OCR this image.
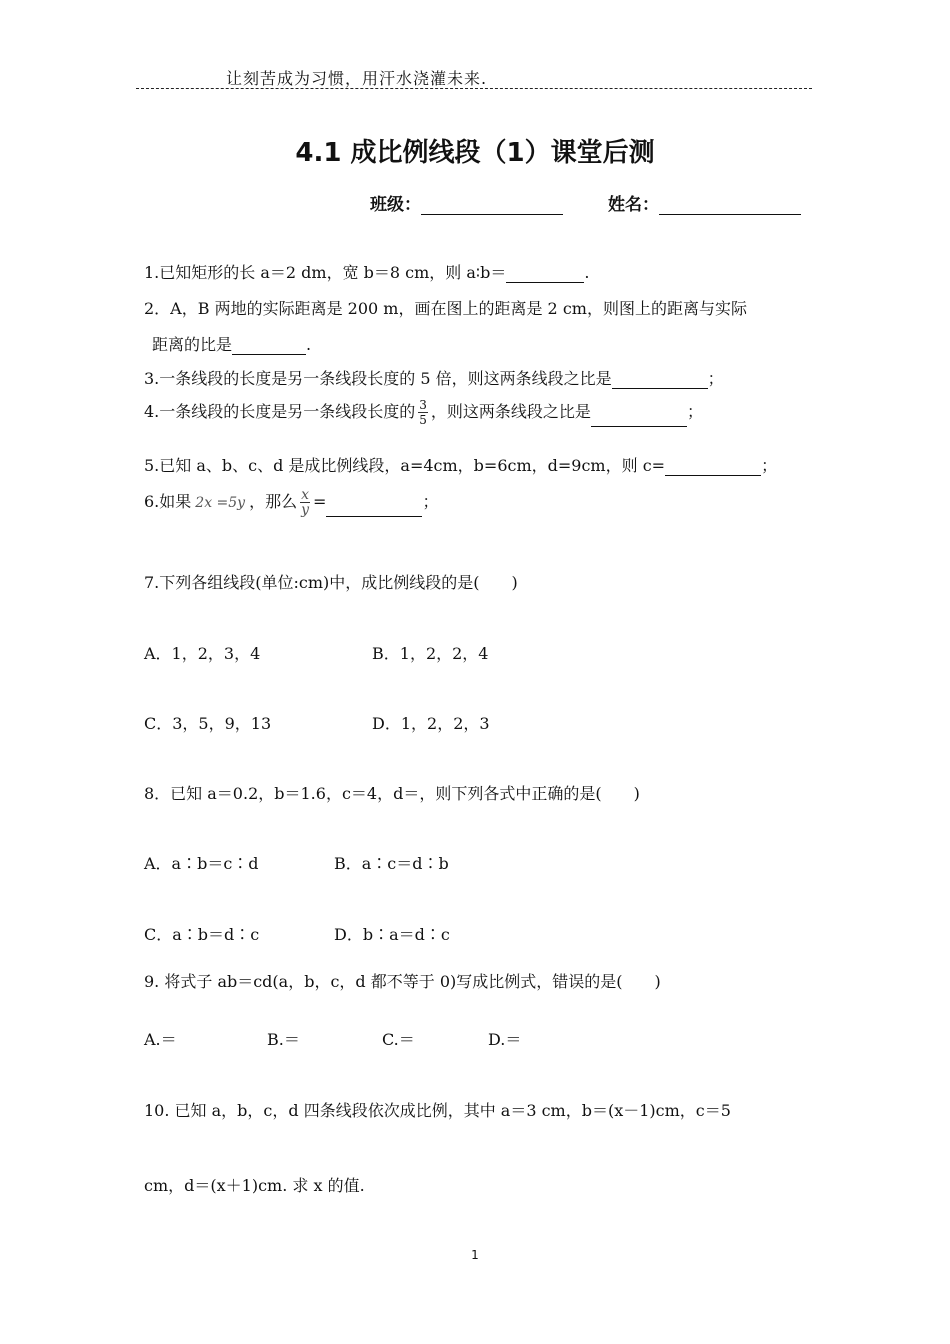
让刻苦成为习惯，用汗水浇灌未来.
4.1 成比例线段（1）课堂后测
班级：	姓名：
1.已知矩形的长 a＝2 dm，宽 b＝8 cm，则 a∶b＝	.
2．A，B 两地的实际距离是 200 m，画在图上的距离是 2 cm，则图上的距离与实际
距离的比是	.
3.一条线段的长度是另一条线段长度的 5 倍，则这两条线段之比是	；
4.一条线段的长度是另一条线段长度的 $\frac{3}{5}$ ，则这两条线段之比是	；
5.已知 a、b、c、d 是成比例线段，a=4cm，b=6cm，d=9cm，则 c=	；
6.如果 2x =5y ，那么 $\frac{x}{y}$ =	；
7.下列各组线段(单位:cm)中，成比例线段的是(　　)
A．1，2，3，4	B．1，2，2，4
C．3，5，9，13	D．1，2，2，3
8．已知 a＝0.2，b＝1.6，c＝4，d＝，则下列各式中正确的是(　　)
A．a∶b＝c∶d	B．a∶c＝d∶b
C．a∶b＝d∶c	D．b∶a＝d∶c
9. 将式子 ab＝cd(a，b，c，d 都不等于 0)写成比例式，错误的是(　　)
A.＝	B.＝	C.＝	D.＝
10. 已知 a，b，c，d 四条线段依次成比例，其中 a＝3 cm，b＝(x－1)cm，c＝5
cm，d＝(x＋1)cm. 求 x 的值.
1
